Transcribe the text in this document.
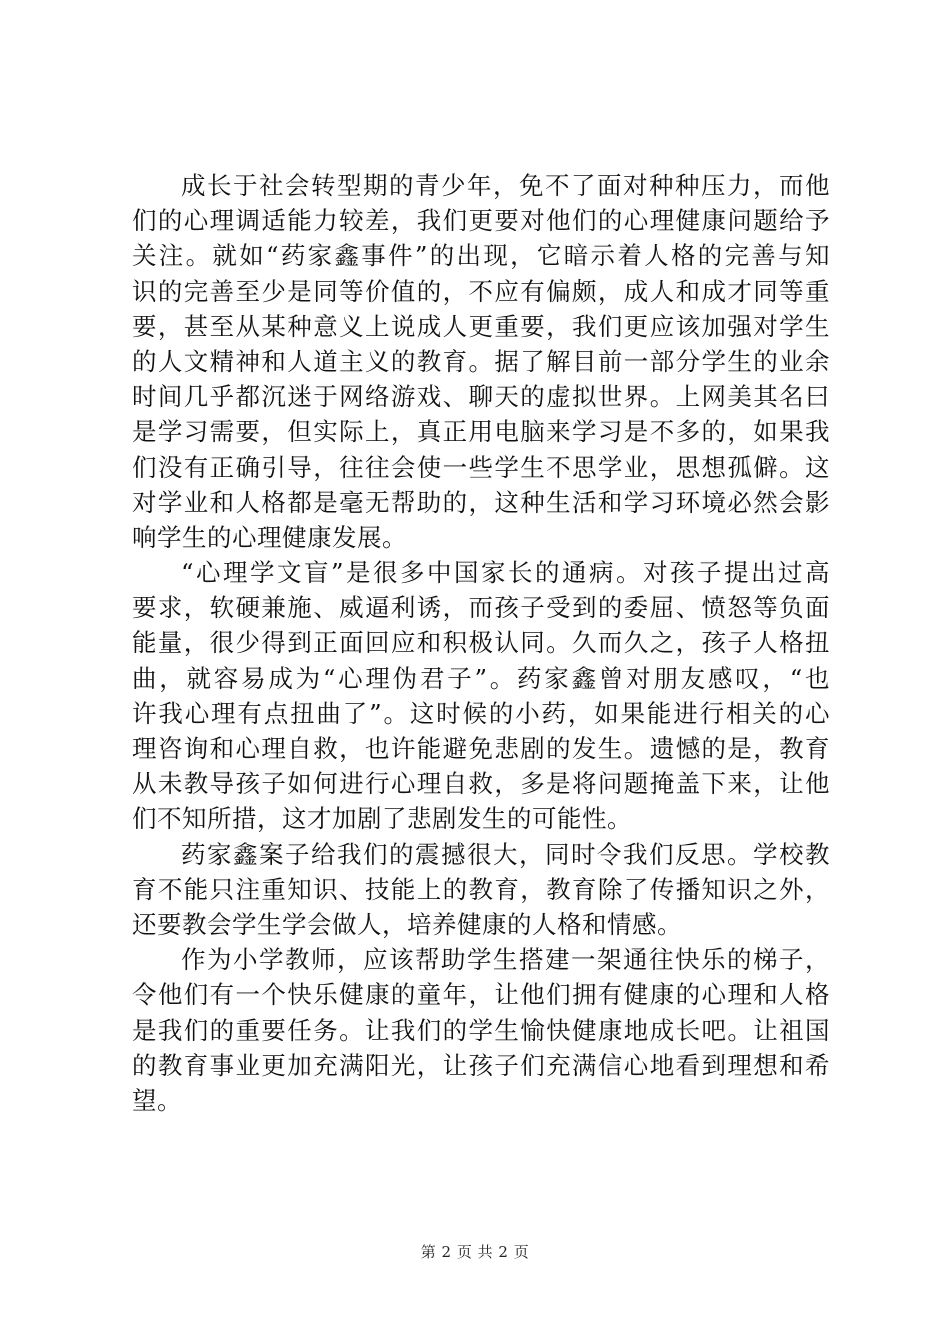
成长于社会转型期的青少年，免不了面对种种压力，而他
们的心理调适能力较差，我们更要对他们的心理健康问题给予
关注。就如“药家鑫事件”的出现，它暗示着人格的完善与知
识的完善至少是同等价值的，不应有偏颇，成人和成才同等重
要，甚至从某种意义上说成人更重要，我们更应该加强对学生
的人文精神和人道主义的教育。据了解目前一部分学生的业余
时间几乎都沉迷于网络游戏、聊天的虚拟世界。上网美其名曰
是学习需要，但实际上，真正用电脑来学习是不多的，如果我
们没有正确引导，往往会使一些学生不思学业，思想孤僻。这
对学业和人格都是毫无帮助的，这种生活和学习环境必然会影
响学生的心理健康发展。
“心理学文盲”是很多中国家长的通病。对孩子提出过高
要求，软硬兼施、威逼利诱，而孩子受到的委屈、愤怒等负面
能量，很少得到正面回应和积极认同。久而久之，孩子人格扭
曲，就容易成为“心理伪君子”。药家鑫曾对朋友感叹，“也
许我心理有点扭曲了”。这时候的小药，如果能进行相关的心
理咨询和心理自救，也许能避免悲剧的发生。遗憾的是，教育
从未教导孩子如何进行心理自救，多是将问题掩盖下来，让他
们不知所措，这才加剧了悲剧发生的可能性。
药家鑫案子给我们的震撼很大，同时令我们反思。学校教
育不能只注重知识、技能上的教育，教育除了传播知识之外，
还要教会学生学会做人，培养健康的人格和情感。
作为小学教师，应该帮助学生搭建一架通往快乐的梯子，
令他们有一个快乐健康的童年，让他们拥有健康的心理和人格
是我们的重要任务。让我们的学生愉快健康地成长吧。让祖国
的教育事业更加充满阳光，让孩子们充满信心地看到理想和希
望。
第 2 页 共 2 页
